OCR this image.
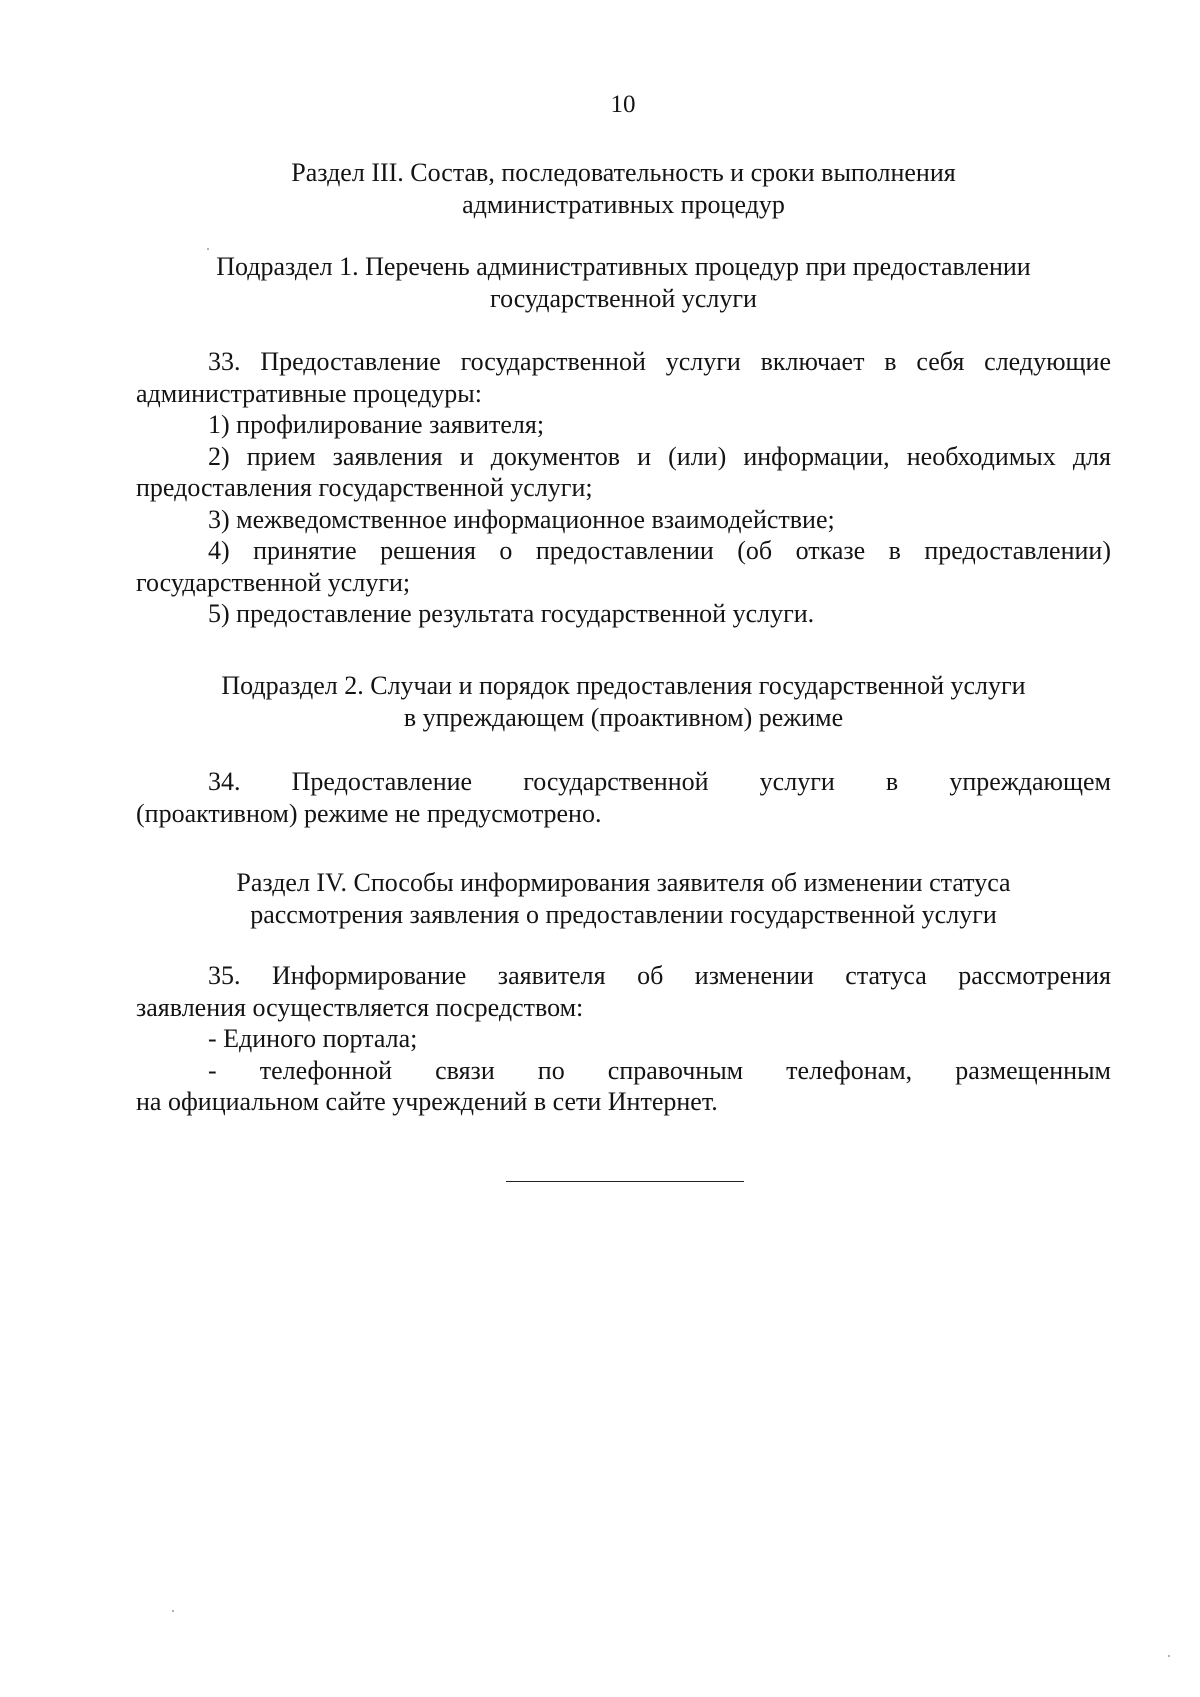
10
Раздел III. Состав, последовательность и сроки выполнения
административных процедур
Подраздел 1. Перечень административных процедур при предоставлении
государственной услуги
33. Предоставление государственной услуги включает в себя следующие
административные процедуры:
1) профилирование заявителя;
2) прием заявления и документов и (или) информации, необходимых для
предоставления государственной услуги;
3) межведомственное информационное взаимодействие;
4) принятие решения о предоставлении (об отказе в предоставлении)
государственной услуги;
5) предоставление результата государственной услуги.
Подраздел 2. Случаи и порядок предоставления государственной услуги
в упреждающем (проактивном) режиме
34. Предоставление государственной услуги в упреждающем
(проактивном) режиме не предусмотрено.
Раздел IV. Способы информирования заявителя об изменении статуса
рассмотрения заявления о предоставлении государственной услуги
35. Информирование заявителя об изменении статуса рассмотрения
заявления осуществляется посредством:
- Единого портала;
- телефонной связи по справочным телефонам, размещенным
на официальном сайте учреждений в сети Интернет.
